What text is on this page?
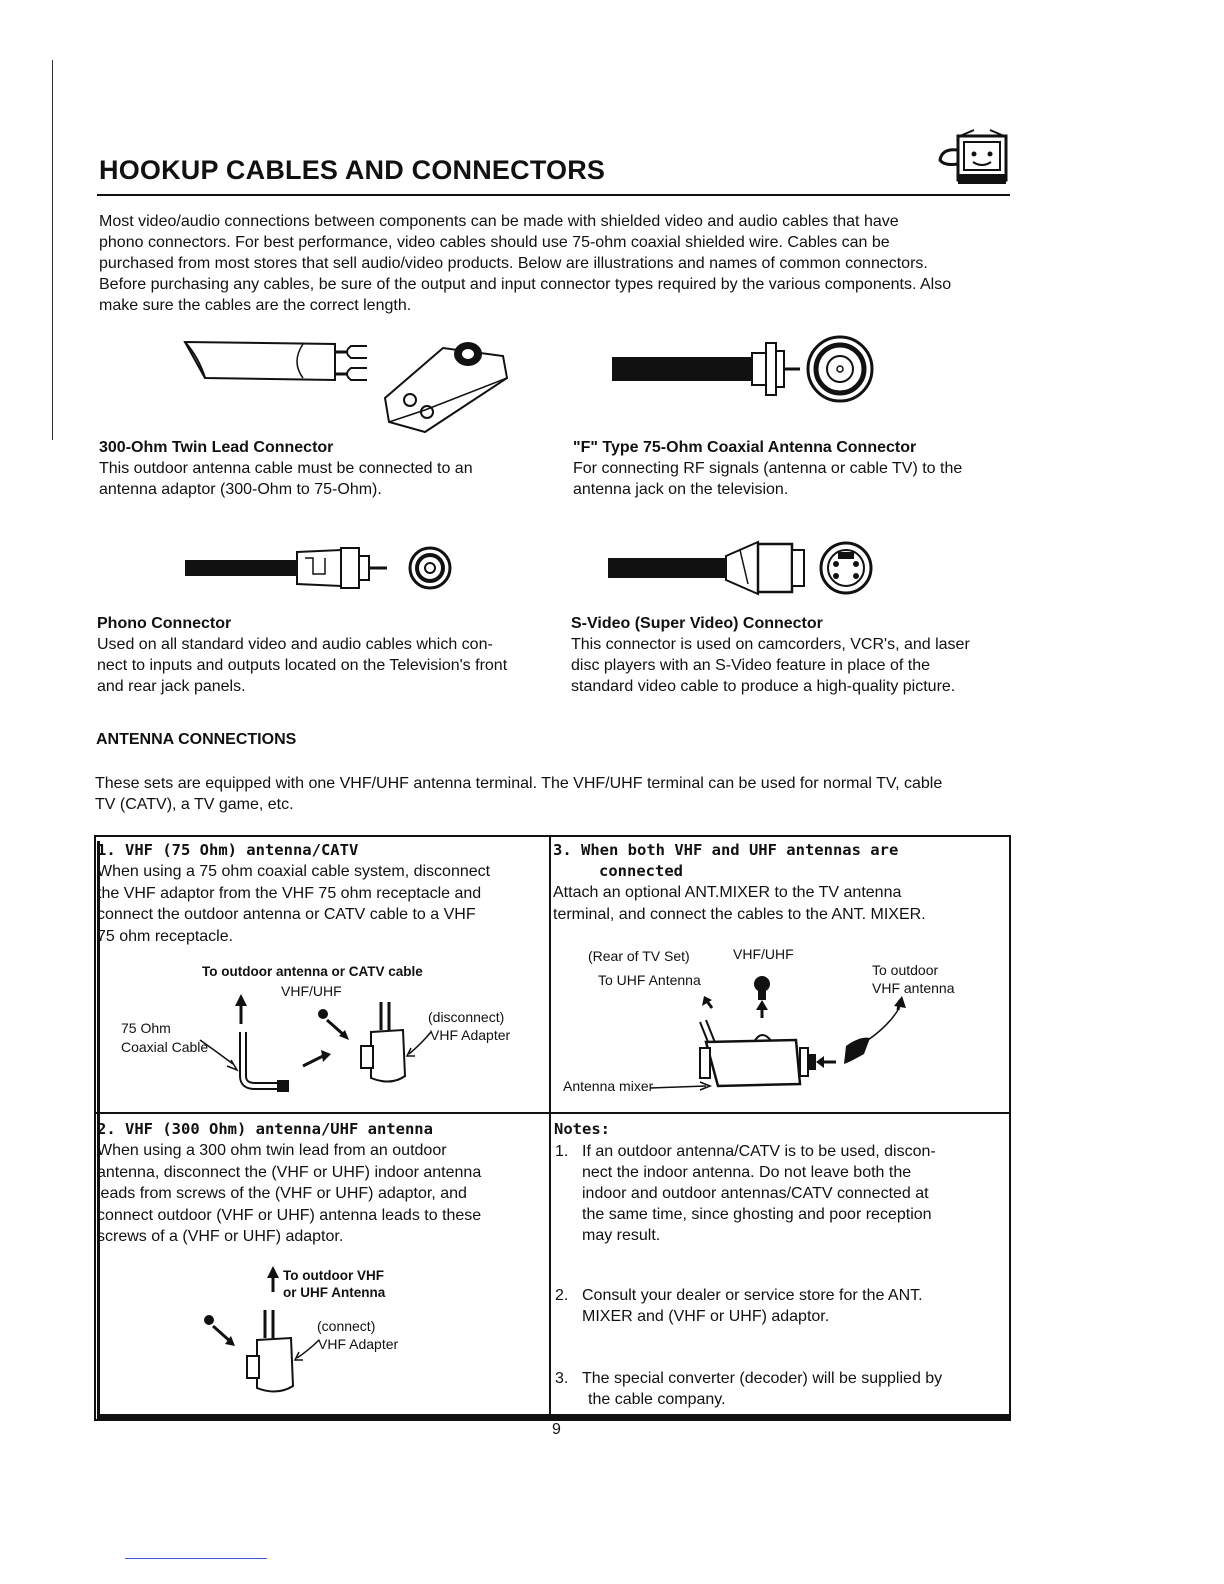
HOOKUP CABLES AND CONNECTORS
Most video/audio connections between components can be made with shielded video and audio cables that have
phono connectors. For best performance, video cables should use 75-ohm coaxial shielded wire. Cables can be
purchased from most stores that sell audio/video products. Below are illustrations and names of common connectors.
Before purchasing any cables, be sure of the output and input connector types required by the various components. Also
make sure the cables are the correct length.
300-Ohm Twin Lead Connector
This outdoor antenna cable must be connected to an
antenna adaptor (300-Ohm to 75-Ohm).
"F" Type 75-Ohm Coaxial Antenna Connector
For connecting RF signals (antenna or cable TV) to the
antenna jack on the television.
Phono Connector
Used on all standard video and audio cables which con-
nect to inputs and outputs located on the Television's front
and rear jack panels.
S-Video (Super Video) Connector
This connector is used on camcorders, VCR's, and laser
disc players with an S-Video feature in place of the
standard video cable to produce a high-quality picture.
ANTENNA CONNECTIONS
These sets are equipped with one VHF/UHF antenna terminal. The VHF/UHF terminal can be used for normal TV, cable
TV (CATV), a TV game, etc.
1. VHF (75 Ohm) antenna/CATV
When using a 75 ohm coaxial cable system, disconnect
the VHF adaptor from the VHF 75 ohm receptacle and
connect the outdoor antenna or CATV cable to a VHF
75 ohm receptacle.
To outdoor antenna or CATV cable
VHF/UHF
75 Ohm
Coaxial Cable
(disconnect)
VHF Adapter
3. When both VHF and UHF antennas are
connected
Attach an optional ANT.MIXER to the TV antenna
terminal, and connect the cables to the ANT. MIXER.
(Rear of TV Set)	VHF/UHF
To UHF Antenna
To outdoor
VHF antenna
Antenna mixer
2. VHF (300 Ohm) antenna/UHF antenna
When using a 300 ohm twin lead from an outdoor
antenna, disconnect the (VHF or UHF) indoor antenna
leads from screws of the (VHF or UHF) adaptor, and
connect outdoor (VHF or UHF) antenna leads to these
screws of a (VHF or UHF) adaptor.
To outdoor VHF
or UHF Antenna
(connect)
VHF Adapter
Notes:
1. If an outdoor antenna/CATV is to be used, discon-
nect the indoor antenna. Do not leave both the
indoor and outdoor antennas/CATV connected at
the same time, since ghosting and poor reception
may result.
2. Consult your dealer or service store for the ANT.
MIXER and (VHF or UHF) adaptor.
3. The special converter (decoder) will be supplied by
the cable company.
9
